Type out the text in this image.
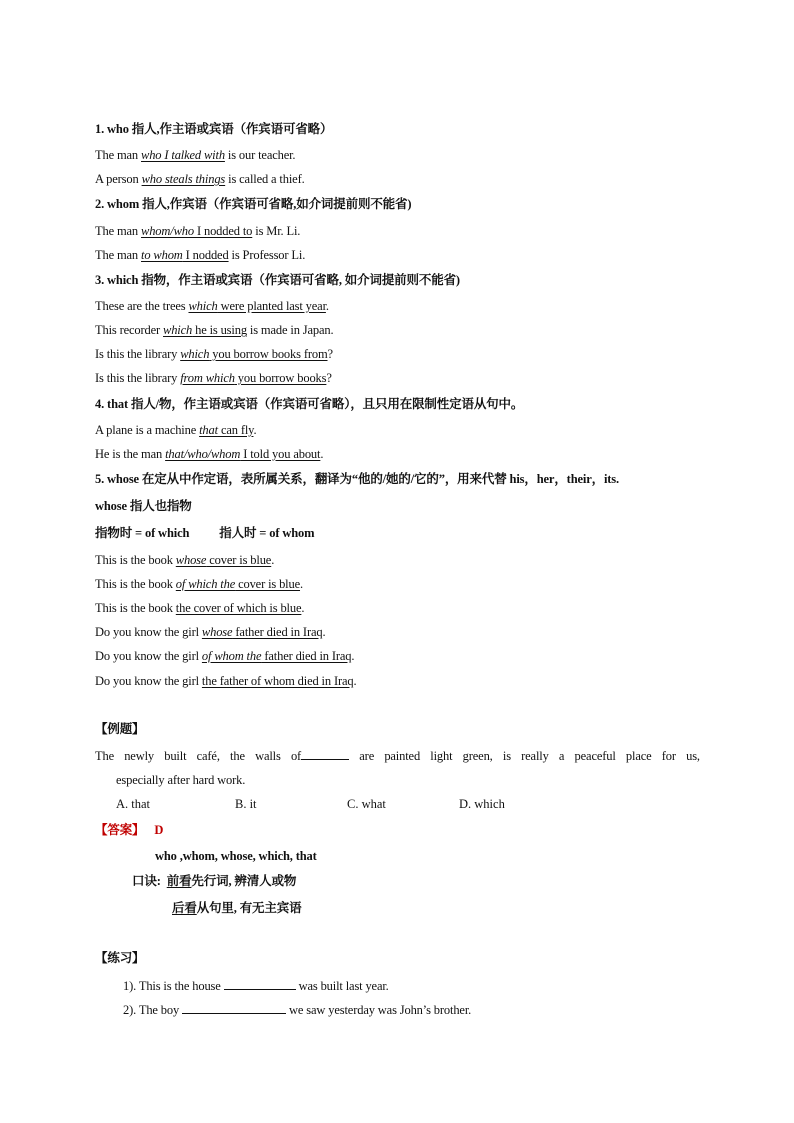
1. who 指人,作主语或宾语（作宾语可省略）
The man who I talked with is our teacher.
A person who steals things is called a thief.
2. whom 指人,作宾语（作宾语可省略,如介词提前则不能省)
The man whom/who I nodded to is Mr. Li.
The man to whom I nodded is Professor Li.
3. which 指物，作主语或宾语（作宾语可省略, 如介词提前则不能省)
These are the trees which were planted last year.
This recorder which he is using is made in Japan.
Is this the library which you borrow books from?
Is this the library from which you borrow books?
4. that 指人/物，作主语或宾语（作宾语可省略），且只用在限制性定语从句中。
A plane is a machine that can fly.
He is the man that/who/whom I told you about.
5. whose 在定从中作定语，表所属关系，翻译为“他的/她的/它的”，用来代替 his，her，their，its.
whose 指人也指物
指物时 = of which 指人时 = of whom
This is the book whose cover is blue.
This is the book of which the cover is blue.
This is the book the cover of which is blue.
Do you know the girl whose father died in Iraq.
Do you know the girl of whom the father died in Iraq.
Do you know the girl the father of whom died in Iraq.
【例题】
The newly built café, the walls of	are painted light green, is really a peaceful place for us,
especially after hard work.
A. that	B. it	C. what	D. which
【答案】 D
who ,whom, whose, which, that
口诀: 前看先行词, 辨清人或物
后看从句里, 有无主宾语
【练习】
1). This is the house	was built last year.
2). The boy	we saw yesterday was John’s brother.
